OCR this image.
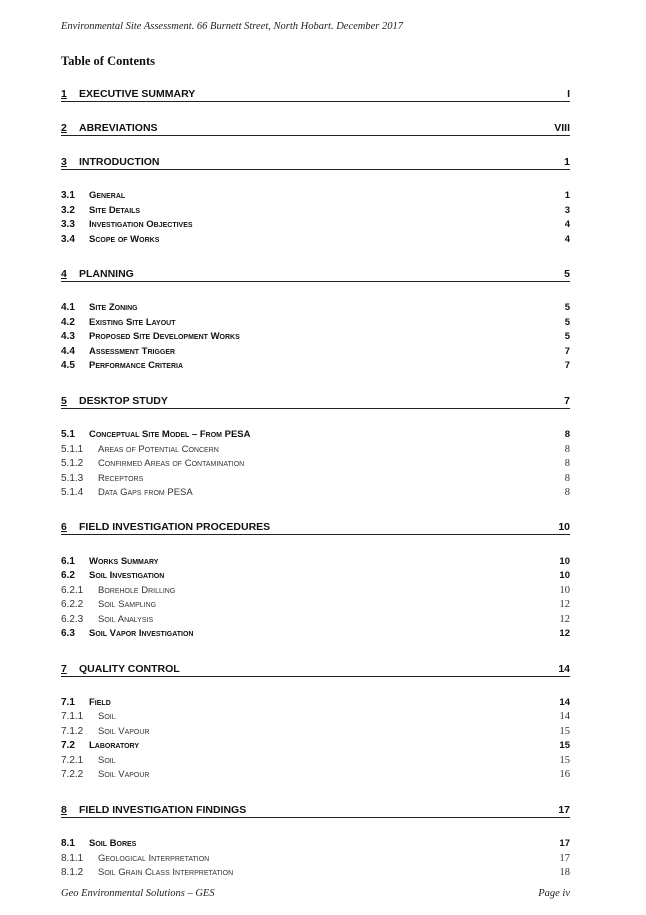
Environmental Site Assessment. 66 Burnett Street, North Hobart. December 2017
Table of Contents
1	EXECUTIVE SUMMARY	I
2	ABREVIATIONS	VIII
3	INTRODUCTION	1
3.1	General	1
3.2	Site Details	3
3.3	Investigation Objectives	4
3.4	Scope of Works	4
4	PLANNING	5
4.1	Site Zoning	5
4.2	Existing Site Layout	5
4.3	Proposed Site Development Works	5
4.4	Assessment Trigger	7
4.5	Performance Criteria	7
5	DESKTOP STUDY	7
5.1	Conceptual Site Model – From PESA	8
5.1.1	Areas of Potential Concern	8
5.1.2	Confirmed Areas of Contamination	8
5.1.3	Receptors	8
5.1.4	Data Gaps from PESA	8
6	FIELD INVESTIGATION PROCEDURES	10
6.1	Works Summary	10
6.2	Soil Investigation	10
6.2.1	Borehole Drilling	10
6.2.2	Soil Sampling	12
6.2.3	Soil Analysis	12
6.3	Soil Vapor Investigation	12
7	QUALITY CONTROL	14
7.1	Field	14
7.1.1	Soil	14
7.1.2	Soil Vapour	15
7.2	Laboratory	15
7.2.1	Soil	15
7.2.2	Soil Vapour	16
8	FIELD INVESTIGATION FINDINGS	17
8.1	Soil Bores	17
8.1.1	Geological Interpretation	17
8.1.2	Soil Grain Class Interpretation	18
Geo Environmental Solutions – GES	Page iv
